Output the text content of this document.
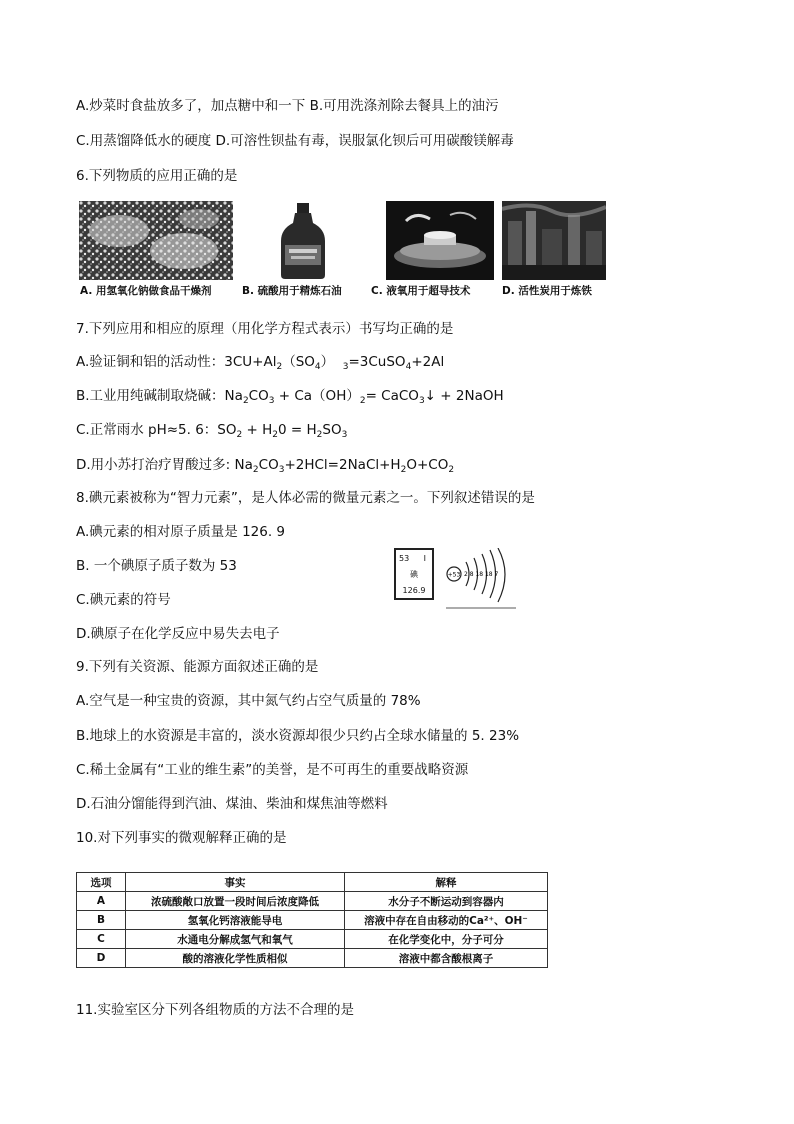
A.炒菜时食盐放多了，加点糖中和一下 B.可用洗涤剂除去餐具上的油污
C.用蒸馏降低水的硬度 D.可溶性钡盐有毒，误服氯化钡后可用碳酸镁解毒
6.下列物质的应用正确的是
A. 用氢氧化钠做食品干燥剂	B. 硫酸用于精炼石油	C. 液氧用于超导技术	D. 活性炭用于炼铁
7.下列应用和相应的原理（用化学方程式表示）书写均正确的是
A.验证铜和铝的活动性：$3CU+Al_2(SO_4)$ $_3$=3CuSO$_4$+2Al
B.工业用纯碱制取烧碱：$Na_2CO_3 + Ca(OH)_2=$ CaCO$_3$↓ + 2NaOH
C.正常雨水 pH≈5. 6：$SO_2 + H_20 = H_2SO_3$
D.用小苏打治疗胃酸过多: $Na_2CO_3+2HCl=2NaCl+H_2O+CO_2$
8.碘元素被称为“智力元素”，是人体必需的微量元素之一。下列叙述错误的是
A.碘元素的相对原子质量是 126. 9
B. 一个碘原子质子数为 53
C.碘元素的符号
D.碘原子在化学反应中易失去电子
53 I
碘
126.9
+53 2 8 18 18 7
9.下列有关资源、能源方面叙述正确的是
A.空气是一种宝贵的资源，其中氮气约占空气质量的 78%
B.地球上的水资源是丰富的，淡水资源却很少只约占全球水储量的 5. 23%
C.稀土金属有“工业的维生素”的美誉，是不可再生的重要战略资源
D.石油分馏能得到汽油、煤油、柴油和煤焦油等燃料
10.对下列事实的微观解释正确的是
选项	事实	解释
A	浓硫酸敞口放置一段时间后浓度降低	水分子不断运动到容器内
B	氢氧化钙溶液能导电	溶液中存在自由移动的Ca²⁺、OH⁻
C	水通电分解成氢气和氧气	在化学变化中，分子可分
D	酸的溶液化学性质相似	溶液中都含酸根离子
11.实验室区分下列各组物质的方法不合理的是
